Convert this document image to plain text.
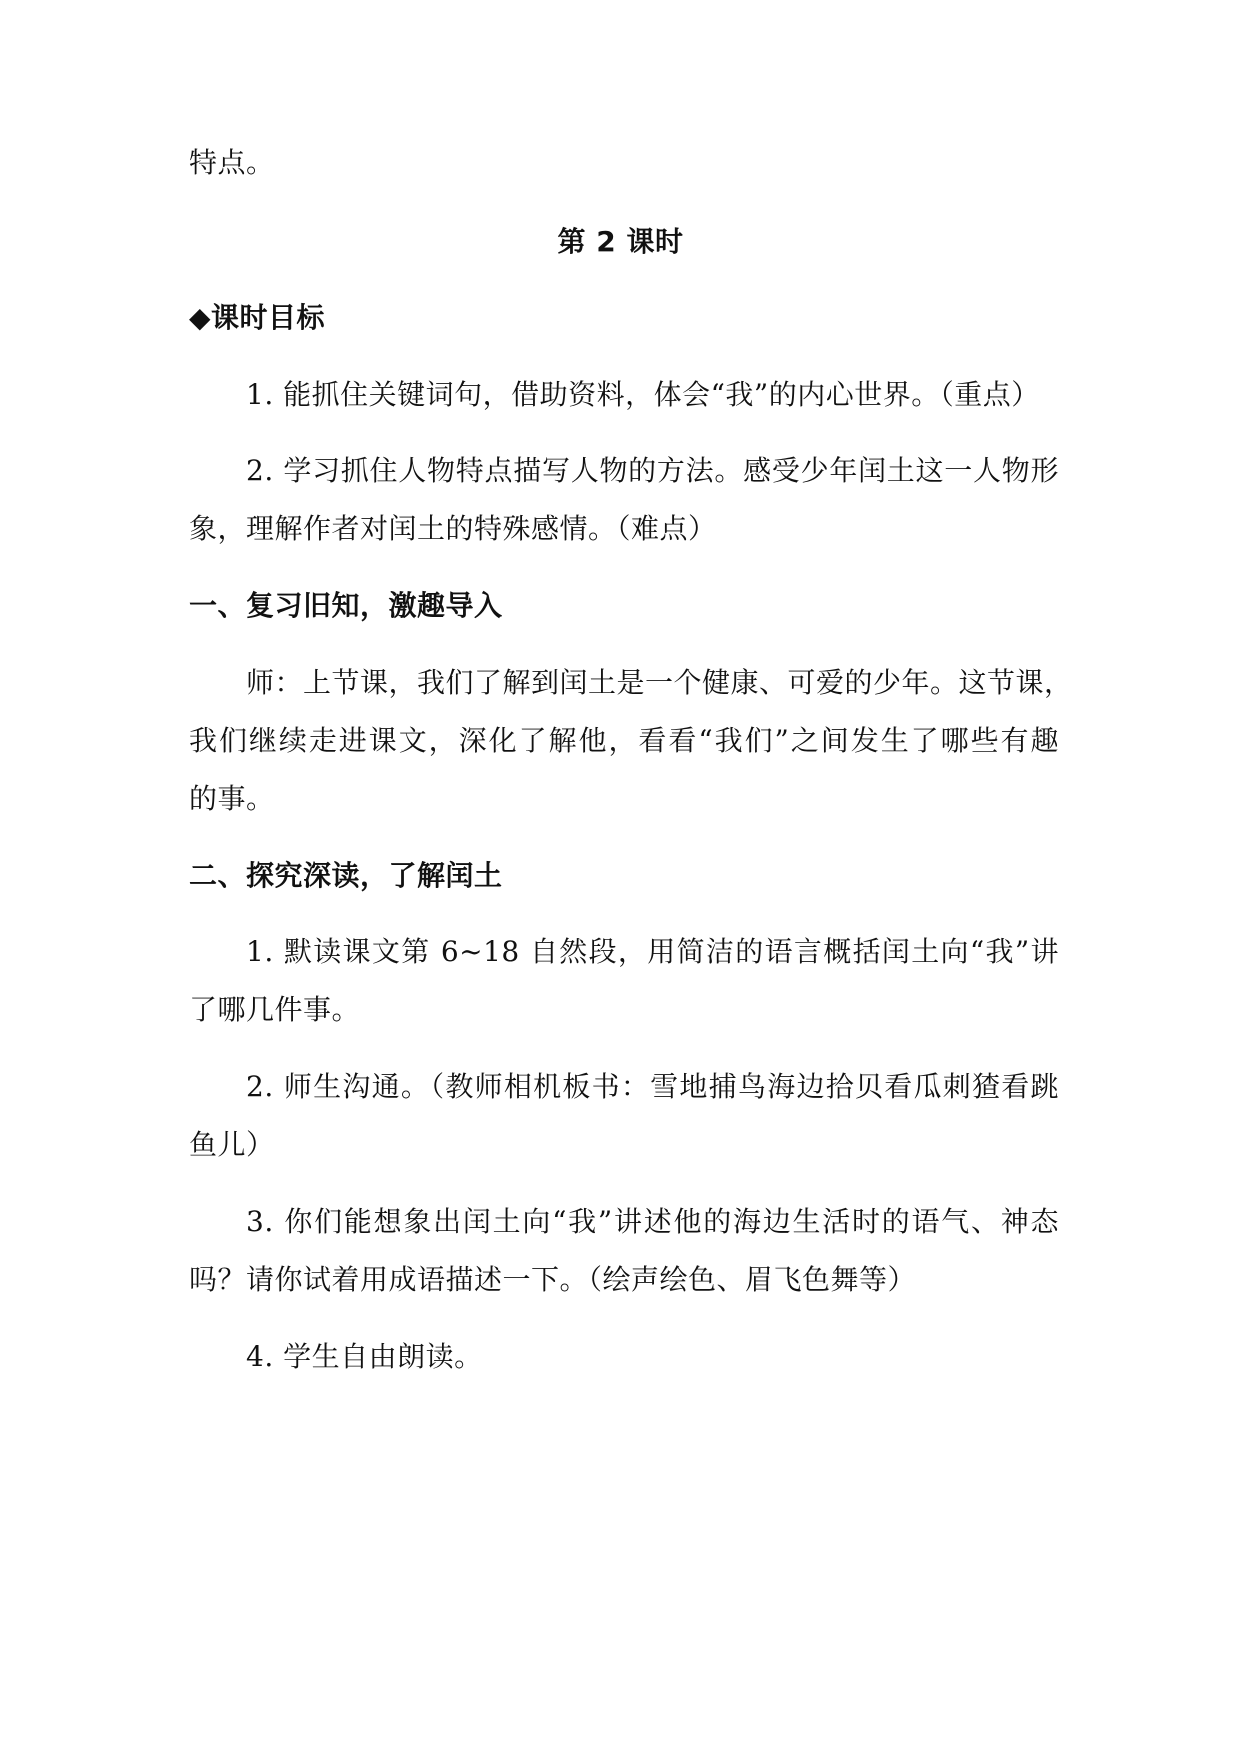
特点。
第 2 课时
◆课时目标
1. 能抓住关键词句，借助资料，体会“我”的内心世界。（重点）
2. 学习抓住人物特点描写人物的方法。感受少年闰土这一人物形
象，理解作者对闰土的特殊感情。（难点）
一、复习旧知，激趣导入
师：上节课，我们了解到闰土是一个健康、可爱的少年。这节课，
我们继续走进课文，深化了解他，看看“我们”之间发生了哪些有趣
的事。
二、探究深读，了解闰土
1. 默读课文第 6~18 自然段，用简洁的语言概括闰土向“我”讲
了哪几件事。
2. 师生沟通。（教师相机板书：雪地捕鸟海边拾贝看瓜刺猹看跳
鱼儿）
3. 你们能想象出闰土向“我”讲述他的海边生活时的语气、神态
吗？请你试着用成语描述一下。（绘声绘色、眉飞色舞等）
4. 学生自由朗读。
